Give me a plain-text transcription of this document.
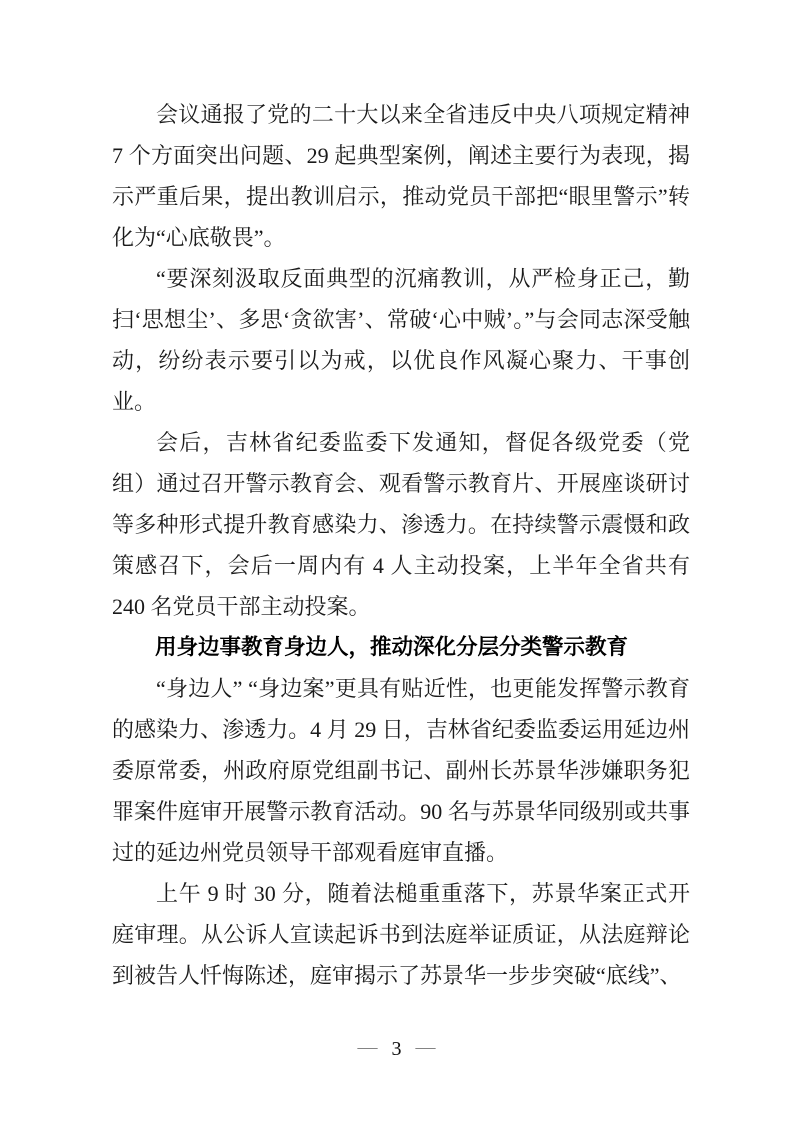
会议通报了党的二十大以来全省违反中央八项规定精神 7 个方面突出问题、29 起典型案例，阐述主要行为表现，揭示严重后果，提出教训启示，推动党员干部把“眼里警示”转化为“心底敬畏”。

“要深刻汲取反面典型的沉痛教训，从严检身正己，勤扫‘思想尘’、多思‘贪欲害’、常破‘心中贼’。”与会同志深受触动，纷纷表示要引以为戒，以优良作风凝心聚力、干事创业。

会后，吉林省纪委监委下发通知，督促各级党委（党组）通过召开警示教育会、观看警示教育片、开展座谈研讨等多种形式提升教育感染力、渗透力。在持续警示震慑和政策感召下，会后一周内有 4 人主动投案，上半年全省共有 240 名党员干部主动投案。

用身边事教育身边人，推动深化分层分类警示教育

“身边人” “身边案”更具有贴近性，也更能发挥警示教育的感染力、渗透力。4 月 29 日，吉林省纪委监委运用延边州委原常委，州政府原党组副书记、副州长苏景华涉嫌职务犯罪案件庭审开展警示教育活动。90 名与苏景华同级别或共事过的延边州党员领导干部观看庭审直播。

上午 9 时 30 分，随着法槌重重落下，苏景华案正式开庭审理。从公诉人宣读起诉书到法庭举证质证，从法庭辩论到被告人忏悔陈述，庭审揭示了苏景华一步步突破“底线”、

— 3 —
